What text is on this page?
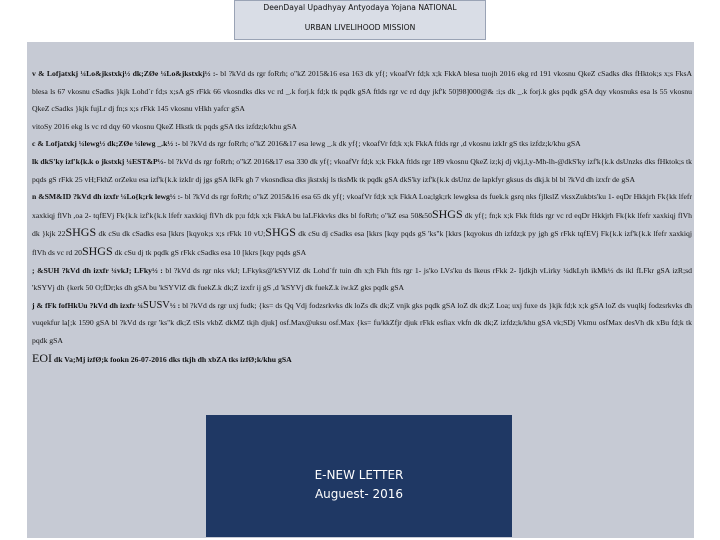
DeenDayal Upadhyay Antyodaya Yojana NATIONAL
URBAN LIVELIHOOD MISSION

v & Lofjatxkj ¼Lo&jkstxkj½ dk;ZØe ¼Lo&jkstxkj½ :- bl ?kVd ds rgr foRrh; o"kZ 2015&16 esa 163 dk yf{; vkoafVr fd;k x;k FkkA blesa tuojh 2016 ekg rd 191 vkosnu QkeZ cSadks dks fHktok;s x;s FksA blesa ls 67 vkosnu cSadks }kjk Lohd`r fd;s x;sA gS rFkk 66 vkosndks dks vc rd _.k forj.k fd;k tk pqdk gSA ftlds rgr vc rd dqy jkf'k 50]98]000@& :i;s dk _.k forj.k gks pqdk gSA dqy vkosnuks esa ls 55 vkosnu QkeZ cSadks }kjk fujLr dj fn;s x;s rFkk 145 vkosnu vHkh yafcr gSA

vitoSy 2016 ekg ls vc rd dqy 60 vkosnu QkeZ Hkstk tk pqds gSA tks izfdz;k/khu gSA

c & Lofjatxkj ¼lewg½ dk;ZØe ¼lewg _.k½ :- bl ?kVd ds rgr foRrh; o"kZ 2016&17 esa lewg _.k dk yf{; vkoafVr fd;k x;k FkkA ftlds rgr ,d vkosnu izkIr gS tks izfdz;k/khu gSA

lk dkS'ky izf'k{k.k o jkstxkj ¼EST&P½- bl ?kVd ds rgr foRrh; o"kZ 2016&17 esa 330 dk yf{; vkoafVr fd;k x;k FkkA ftlds rgr 189 vkosnu QkeZ iz;kj dj vkj,l,y-Mh-lh-@dkS'ky izf'k{k.k dsUnzks dks fHktok;s tk pqds gS rFkk 25 vH;FkhZ orZeku esa izf'k{k.k izkIr dj jgs gSA lkFk gh 7 vkosndksa dks jkstxkj ls tksMk tk pqdk gSA dkS'ky izf'k{k.k dsUnz de lapkfyr gksus ds dkj.k bl bl ?kVd dh izxfr de gSA

n &SM&ID ?kVd dh izxfr ¼Lo{k;rk lewg½ :- bl ?kVd ds rgr foRrh; o"kZ 2015&16 esa 65 dk yf{; vkoafVr fd;k x;k FkkA Loa;lgk;rk lewgksa ds fuek.k gsrq nks fjlkslZ vksxZukbts'ku 1- eqDr Hkkjrh Fk{kk lfefr xaxkiqj flVh ,oa 2- tqfEVj Fk{k.k izf'k{k.k lfefr xaxkiqj flVh dk p;u fd;k x;k FkkA bu laLFkkvks dks bl foRrh; o"kZ esa 50&50SHGS dk yf{; fn;k x;k Fkk ftlds rgr vc rd eqDr Hkkjrh Fk{kk lfefr xaxkiqj flVh dk }kjk 22SHGS dk cSu dk cSadks esa [kkrs [kqyok;s x;s rFkk 10 vU;SHGS dk cSu dj cSadks esa [kkrs [kqy pqds gS 'ks"k [kkrs [kqyokus dh izfdz;k py jgh gS rFkk tqfEVj Fk{k.k izf'k{k.k lfefr xaxkiqj flVh ds vc rd 20SHGS dk cSu dj tk pqdk gS rFkk cSadks esa 10 [kkrs [kqy pqds gSA

; &SUH ?kVd dh izxfr ¼vkJ; LFky½ : bl ?kVd ds rgr nks vkJ; LFkyks@'kSYVlZ dk Lohd`fr tuin dh x;h Fkh ftls rgr 1- js'ko LVs'ku ds lkeus rFkk 2- Ijdkjh vLirky ¼dkLyh ikMk½ ds ikl fLFkr gSA izR;sd 'kSYVj dh {kerk 50 O;fDr;ks dh gSA bu 'kSYVlZ dk fuekZ.k dk;Z izxfr ij gS ,d 'kSYVj dk fuekZ.k iw.kZ gks pqdk gSA

j & fFk fofHkUu ?kVd dh izxfr ¼SUSV½ : bl ?kVd ds rgr uxj fudk; {ks= ds Qq Vdj fodzsrkvks dk loZs dk dk;Z vnjk gks pqdk gSA loZ dk dk;Z Loa; uxj fuxe ds }kjk fd;k x;k gSA loZ ds vuqlkj fodzsrkvks dh vuqekfur la[;k 1590 gSA bl ?kVd ds rgr 'ks"k dk;Z tSls vkbZ dkMZ tkjh djuk] osf.Max@uksu osf.Max {ks= fu/kkZfjr djuk rFkk esfiax vkfn dk dk;Z izfdz;k/khu gSA vk;SDj Vkmu osfMax desVh dk xBu fd;k tk pqdk gSA

EOI dk Va;Mj izfØ;k fookn 26-07-2016 dks tkjh dh xbZA tks izfØ;k/khu gSA

E-NEW LETTER
Auguest- 2016
